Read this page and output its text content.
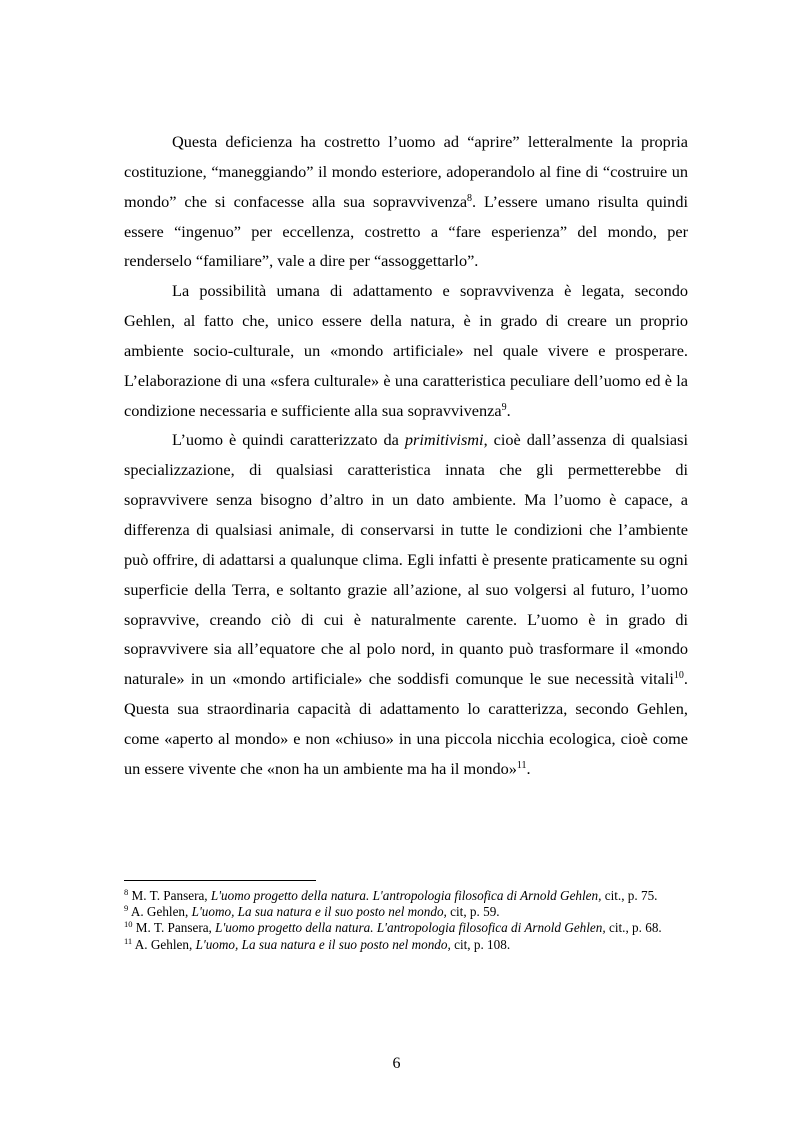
Questa deficienza ha costretto l’uomo ad “aprire” letteralmente la propria costituzione, “maneggiando” il mondo esteriore, adoperandolo al fine di “costruire un mondo” che si confacesse alla sua sopravvivenza$^8$. L’essere umano risulta quindi essere “ingenuo” per eccellenza, costretto a “fare esperienza” del mondo, per renderselo “familiare”, vale a dire per “assoggettarlo”.

La possibilità umana di adattamento e sopravvivenza è legata, secondo Gehlen, al fatto che, unico essere della natura, è in grado di creare un proprio ambiente socio-culturale, un «mondo artificiale» nel quale vivere e prosperare. L’elaborazione di una «sfera culturale» è una caratteristica peculiare dell’uomo ed è la condizione necessaria e sufficiente alla sua sopravvivenza$^9$.

L’uomo è quindi caratterizzato da primitivismi, cioè dall’assenza di qualsiasi specializzazione, di qualsiasi caratteristica innata che gli permetterebbe di sopravvivere senza bisogno d’altro in un dato ambiente. Ma l’uomo è capace, a differenza di qualsiasi animale, di conservarsi in tutte le condizioni che l’ambiente può offrire, di adattarsi a qualunque clima. Egli infatti è presente praticamente su ogni superficie della Terra, e soltanto grazie all’azione, al suo volgersi al futuro, l’uomo sopravvive, creando ciò di cui è naturalmente carente. L’uomo è in grado di sopravvivere sia all’equatore che al polo nord, in quanto può trasformare il «mondo naturale» in un «mondo artificiale» che soddisfi comunque le sue necessità vitali$^{10}$. Questa sua straordinaria capacità di adattamento lo caratterizza, secondo Gehlen, come «aperto al mondo» e non «chiuso» in una piccola nicchia ecologica, cioè come un essere vivente che «non ha un ambiente ma ha il mondo»$^{11}$.

$^8$ M. T. Pansera, L'uomo progetto della natura. L'antropologia filosofica di Arnold Gehlen, cit., p. 75.

$^9$ A. Gehlen, L'uomo, La sua natura e il suo posto nel mondo, cit, p. 59.

$^{10}$ M. T. Pansera, L'uomo progetto della natura. L'antropologia filosofica di Arnold Gehlen, cit., p. 68.

$^{11}$ A. Gehlen, L'uomo, La sua natura e il suo posto nel mondo, cit, p. 108.

6
